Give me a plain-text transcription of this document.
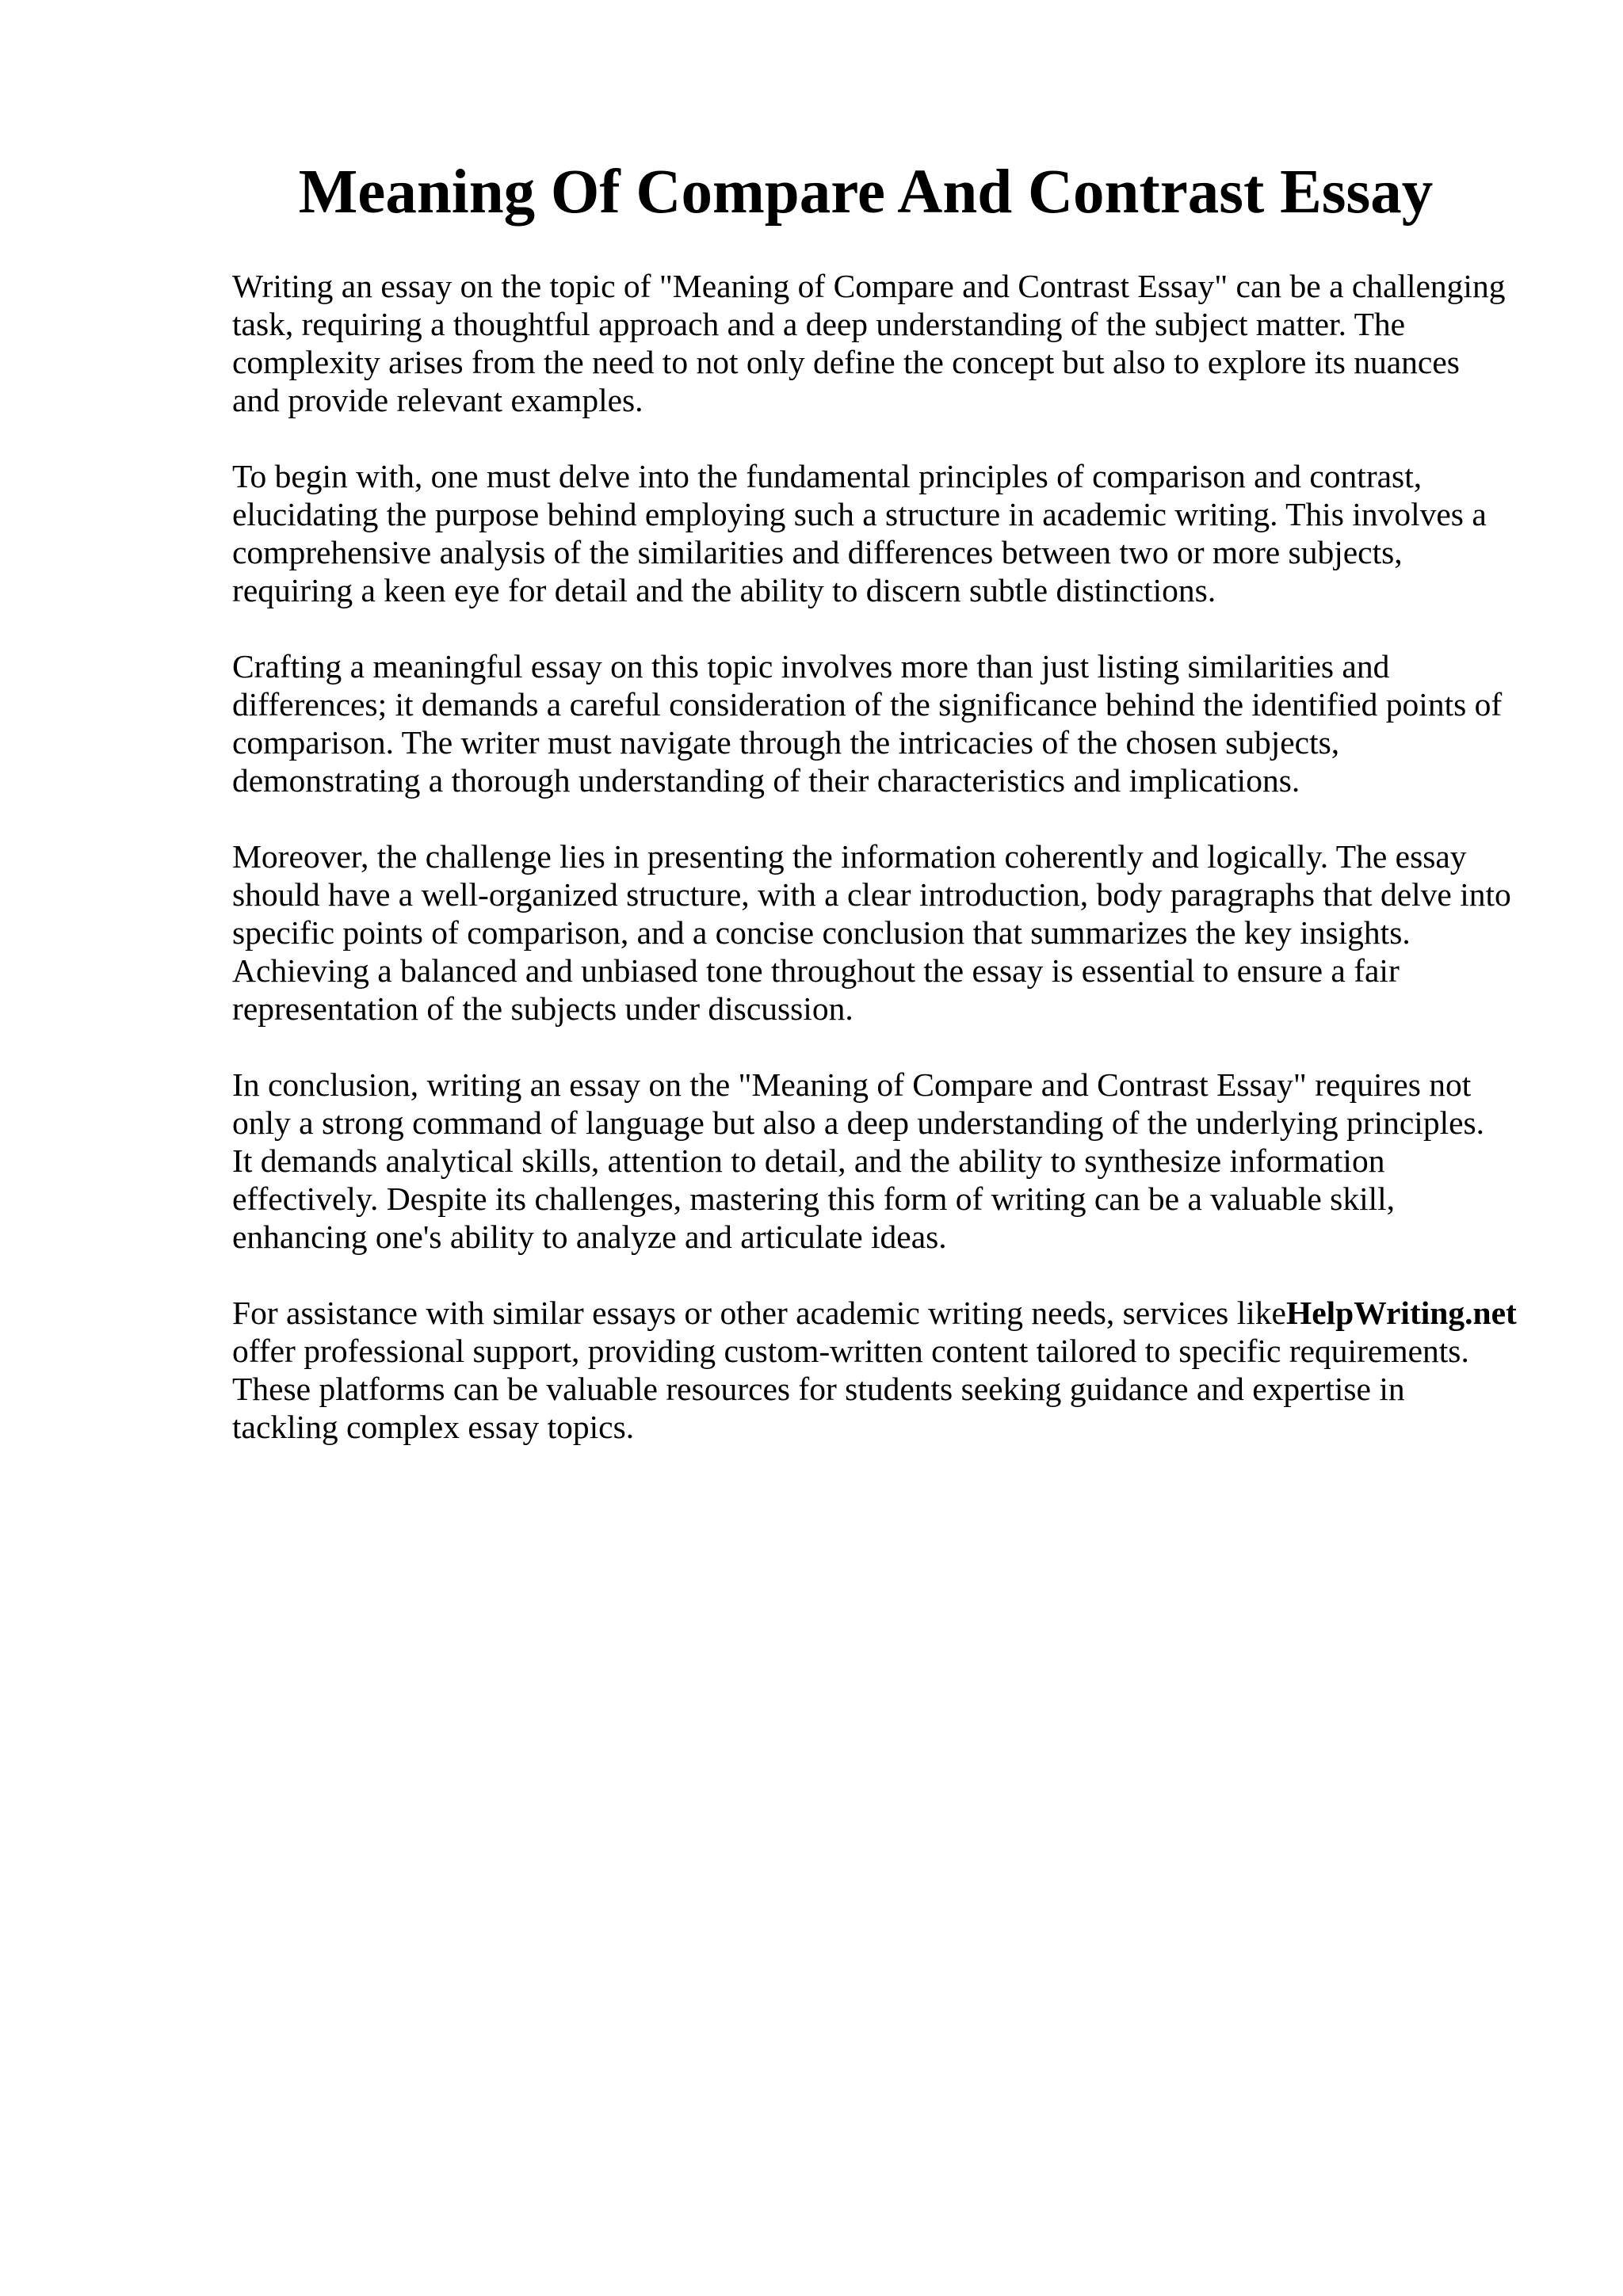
Meaning Of Compare And Contrast Essay

Writing an essay on the topic of "Meaning of Compare and Contrast Essay" can be a challenging
task, requiring a thoughtful approach and a deep understanding of the subject matter. The
complexity arises from the need to not only define the concept but also to explore its nuances
and provide relevant examples.

To begin with, one must delve into the fundamental principles of comparison and contrast,
elucidating the purpose behind employing such a structure in academic writing. This involves a
comprehensive analysis of the similarities and differences between two or more subjects,
requiring a keen eye for detail and the ability to discern subtle distinctions.

Crafting a meaningful essay on this topic involves more than just listing similarities and
differences; it demands a careful consideration of the significance behind the identified points of
comparison. The writer must navigate through the intricacies of the chosen subjects,
demonstrating a thorough understanding of their characteristics and implications.

Moreover, the challenge lies in presenting the information coherently and logically. The essay
should have a well-organized structure, with a clear introduction, body paragraphs that delve into
specific points of comparison, and a concise conclusion that summarizes the key insights.
Achieving a balanced and unbiased tone throughout the essay is essential to ensure a fair
representation of the subjects under discussion.

In conclusion, writing an essay on the "Meaning of Compare and Contrast Essay" requires not
only a strong command of language but also a deep understanding of the underlying principles.
It demands analytical skills, attention to detail, and the ability to synthesize information
effectively. Despite its challenges, mastering this form of writing can be a valuable skill,
enhancing one's ability to analyze and articulate ideas.

For assistance with similar essays or other academic writing needs, services likeHelpWriting.net
offer professional support, providing custom-written content tailored to specific requirements.
These platforms can be valuable resources for students seeking guidance and expertise in
tackling complex essay topics.
